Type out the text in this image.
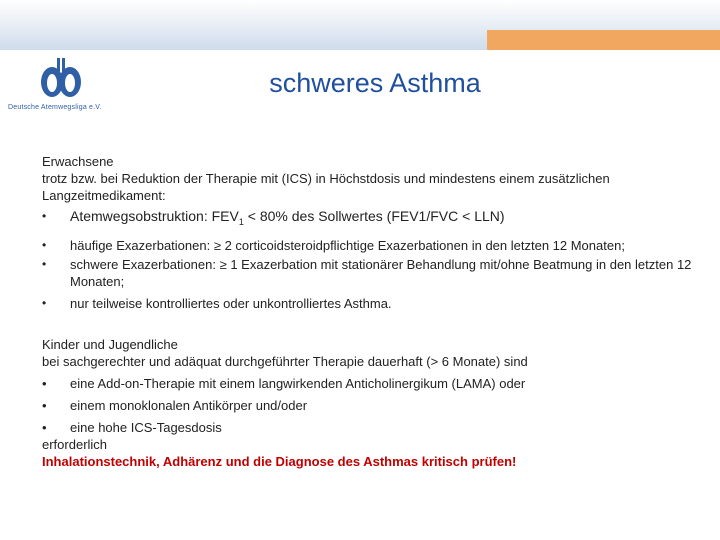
Deutsche Atemwegsliga e.V.
schweres Asthma

Erwachsene

trotz bzw. bei Reduktion der Therapie mit (ICS) in Höchstdosis und mindestens einem zusätzlichen Langzeitmedikament:

• Atemwegsobstruktion: $FEV_1 < 80\%$ des Sollwertes (FEV1/FVC < LLN)
• häufige Exazerbationen: ≥ 2 corticoidsteroidpflichtige Exazerbationen in den letzten 12 Monaten;
• schwere Exazerbationen: ≥ 1 Exazerbation mit stationärer Behandlung mit/ohne Beatmung in den letzten 12 Monaten;
• nur teilweise kontrolliertes oder unkontrolliertes Asthma.

Kinder und Jugendliche

bei sachgerechter und adäquat durchgeführter Therapie dauerhaft (> 6 Monate) sind

• eine Add-on-Therapie mit einem langwirkenden Anticholinergikum (LAMA) oder
• einem monoklonalen Antikörper und/oder
• eine hohe ICS-Tagesdosis

erforderlich

Inhalationstechnik, Adhärenz und die Diagnose des Asthmas kritisch prüfen!
